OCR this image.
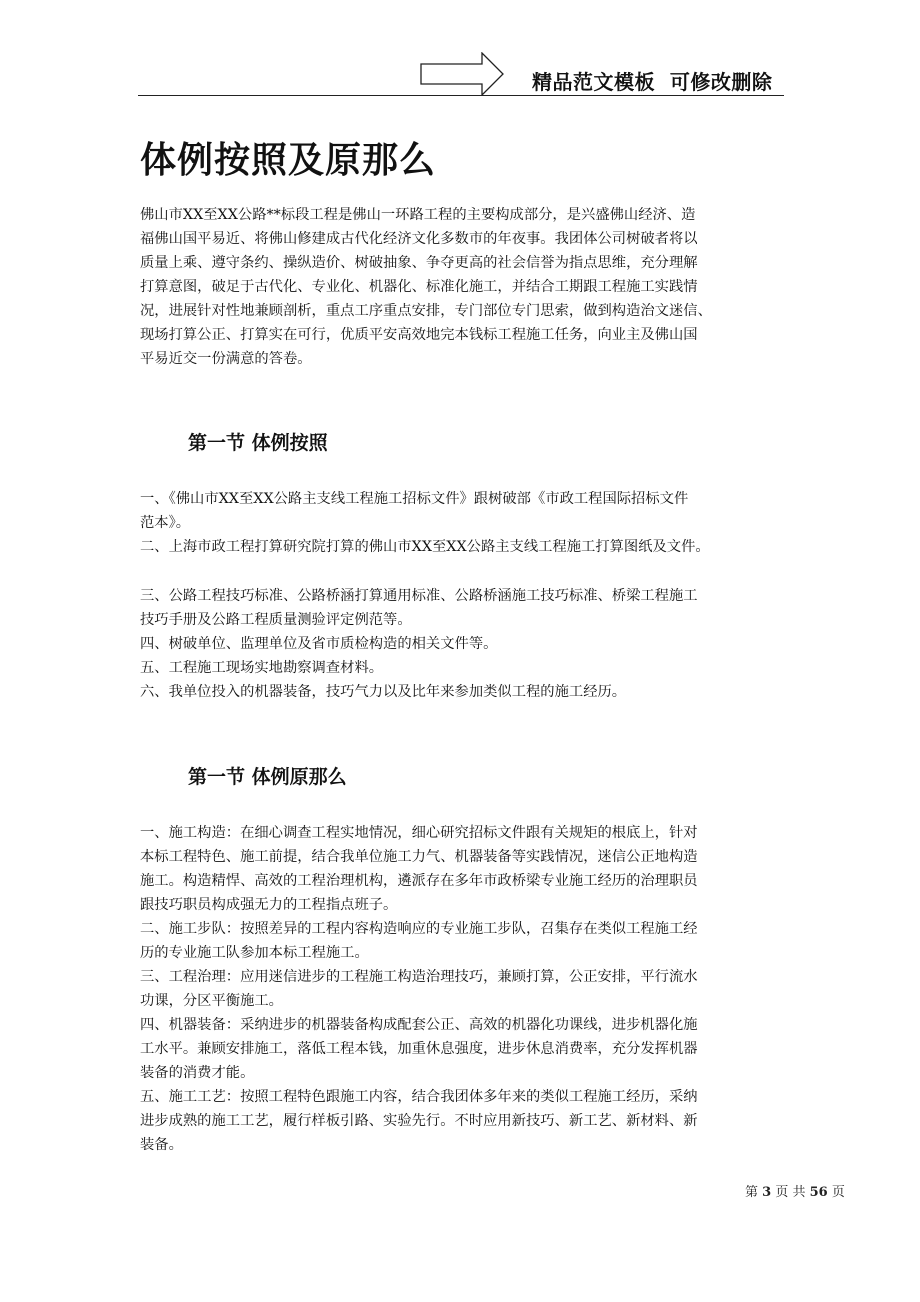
精品范文模板  可修改删除
体例按照及原那么
佛山市XX至XX公路**标段工程是佛山一环路工程的主要构成部分，是兴盛佛山经济、造
福佛山国平易近、将佛山修建成古代化经济文化多数市的年夜事。我团体公司树破者将以
质量上乘、遵守条约、操纵造价、树破抽象、争夺更高的社会信誉为指点思维，充分理解
打算意图，破足于古代化、专业化、机器化、标准化施工，并结合工期跟工程施工实践情
况，进展针对性地兼顾剖析，重点工序重点安排，专门部位专门思索，做到构造治文迷信、
现场打算公正、打算实在可行，优质平安高效地完本钱标工程施工任务，向业主及佛山国
平易近交一份满意的答卷。
第一节 体例按照
一、《佛山市XX至XX公路主支线工程施工招标文件》跟树破部《市政工程国际招标文件
范本》。
二、上海市政工程打算研究院打算的佛山市XX至XX公路主支线工程施工打算图纸及文件。
三、公路工程技巧标准、公路桥涵打算通用标准、公路桥涵施工技巧标准、桥梁工程施工
技巧手册及公路工程质量测验评定例范等。
四、树破单位、监理单位及省市质检构造的相关文件等。
五、工程施工现场实地勘察调查材料。
六、我单位投入的机器装备，技巧气力以及比年来参加类似工程的施工经历。
第一节 体例原那么
一、施工构造：在细心调查工程实地情况，细心研究招标文件跟有关规矩的根底上，针对
本标工程特色、施工前提，结合我单位施工力气、机器装备等实践情况，迷信公正地构造
施工。构造精悍、高效的工程治理机构，遴派存在多年市政桥梁专业施工经历的治理职员
跟技巧职员构成强无力的工程指点班子。
二、施工步队：按照差异的工程内容构造响应的专业施工步队，召集存在类似工程施工经
历的专业施工队参加本标工程施工。
三、工程治理：应用迷信进步的工程施工构造治理技巧，兼顾打算，公正安排，平行流水
功课，分区平衡施工。
四、机器装备：采纳进步的机器装备构成配套公正、高效的机器化功课线，进步机器化施
工水平。兼顾安排施工，落低工程本钱，加重休息强度，进步休息消费率，充分发挥机器
装备的消费才能。
五、施工工艺：按照工程特色跟施工内容，结合我团体多年来的类似工程施工经历，采纳
进步成熟的施工工艺，履行样板引路、实验先行。不时应用新技巧、新工艺、新材料、新
装备。
第 3 页 共 56 页
